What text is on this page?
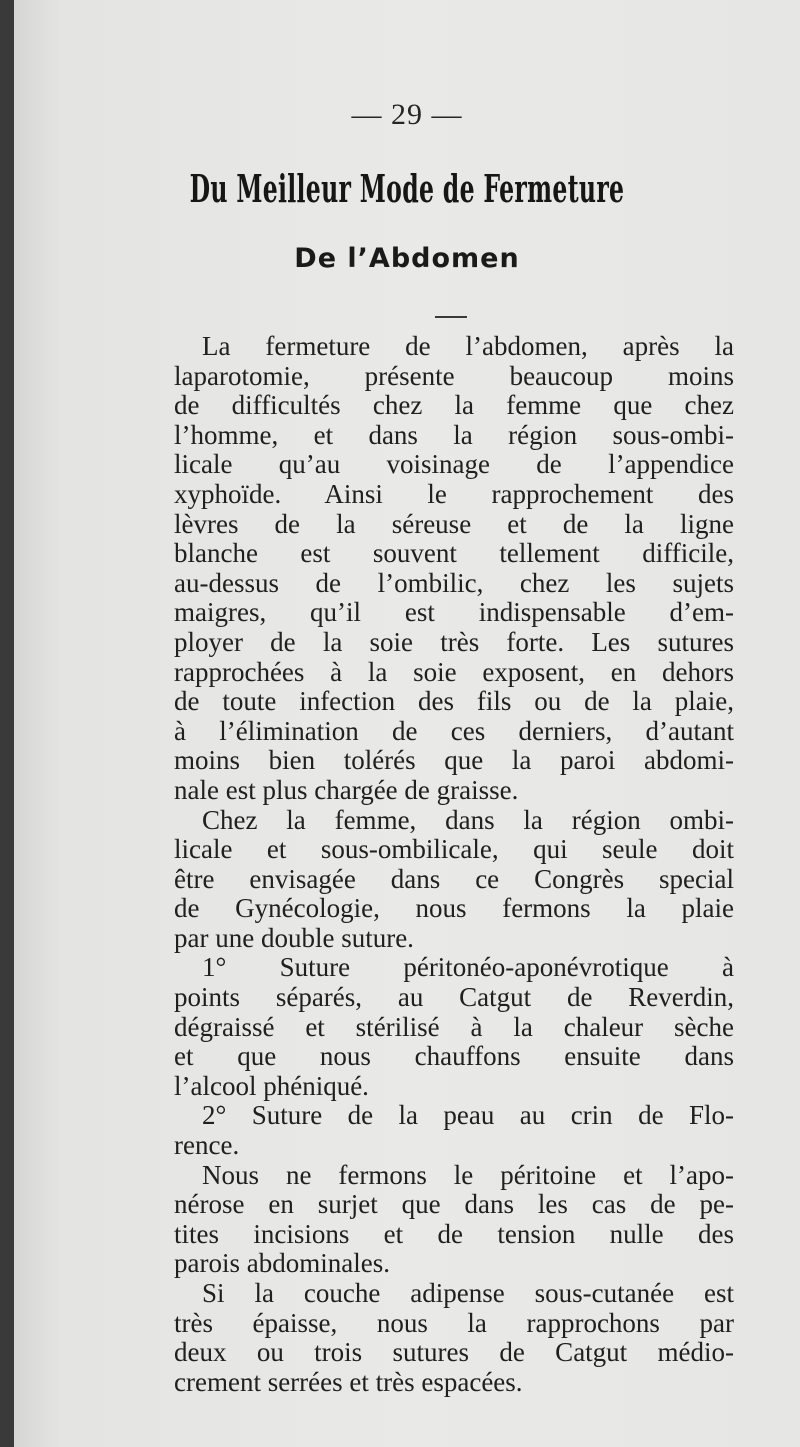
— 29 —
Du Meilleur Mode de Fermeture
De l’Abdomen
La fermeture de l’abdomen, après la
laparotomie, présente beaucoup moins
de difficultés chez la femme que chez
l’homme, et dans la région sous-ombi-
licale qu’au voisinage de l’appendice
xyphoïde. Ainsi le rapprochement des
lèvres de la séreuse et de la ligne
blanche est souvent tellement difficile,
au-dessus de l’ombilic, chez les sujets
maigres, qu’il est indispensable d’em-
ployer de la soie très forte. Les sutures
rapprochées à la soie exposent, en dehors
de toute infection des fils ou de la plaie,
à l’élimination de ces derniers, d’autant
moins bien tolérés que la paroi abdomi-
nale est plus chargée de graisse.
Chez la femme, dans la région ombi-
licale et sous-ombilicale, qui seule doit
être envisagée dans ce Congrès special
de Gynécologie, nous fermons la plaie
par une double suture.
1° Suture péritonéo-aponévrotique à
points séparés, au Catgut de Reverdin,
dégraissé et stérilisé à la chaleur sèche
et que nous chauffons ensuite dans
l’alcool phéniqué.
2° Suture de la peau au crin de Flo-
rence.
Nous ne fermons le péritoine et l’apo-
nérose en surjet que dans les cas de pe-
tites incisions et de tension nulle des
parois abdominales.
Si la couche adipense sous-cutanée est
très épaisse, nous la rapprochons par
deux ou trois sutures de Catgut médio-
crement serrées et très espacées.
